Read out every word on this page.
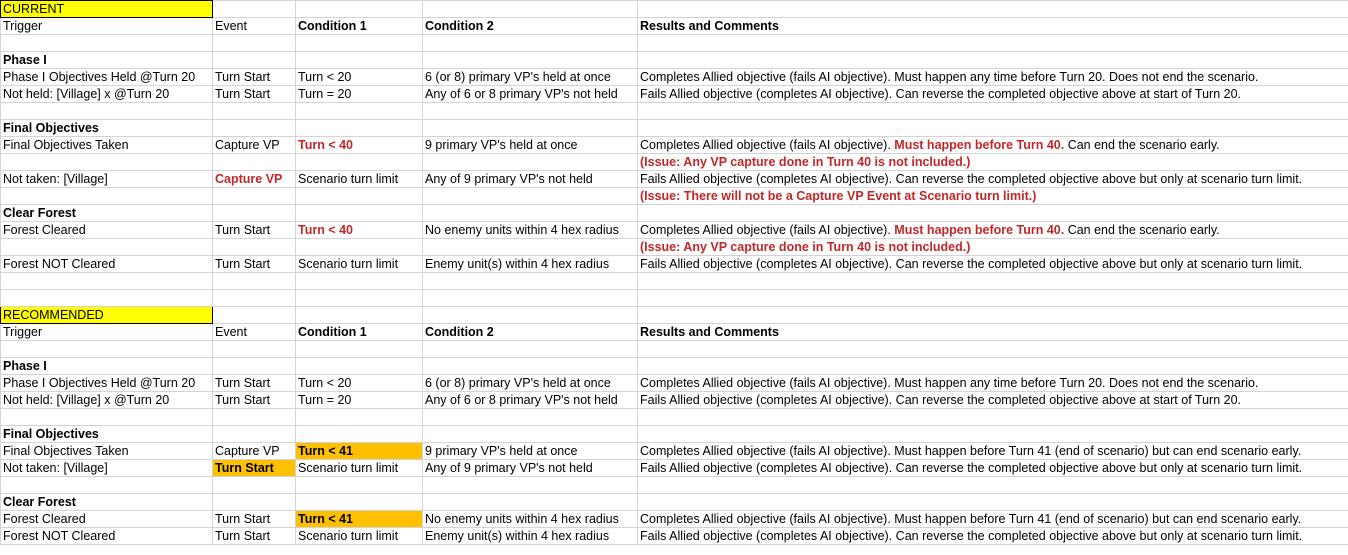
CURRENT				
Trigger	Event	Condition 1	Condition 2	Results and Comments

Phase I				
Phase I Objectives Held @Turn 20	Turn Start	Turn < 20	6 (or 8) primary VP's held at once	Completes Allied objective (fails AI objective). Must happen any time before Turn 20. Does not end the scenario.
Not held: [Village] x @Turn 20	Turn Start	Turn = 20	Any of 6 or 8 primary VP's not held	Fails Allied objective (completes AI objective). Can reverse the completed objective above at start of Turn 20.

Final Objectives				
Final Objectives Taken	Capture VP	Turn < 40	9 primary VP's held at once	Completes Allied objective (fails AI objective). Must happen before Turn 40. Can end the scenario early.
				(Issue: Any VP capture done in Turn 40 is not included.)
Not taken: [Village]	Capture VP	Scenario turn limit	Any of 9 primary VP's not held	Fails Allied objective (completes AI objective). Can reverse the completed objective above but only at scenario turn limit.
				(Issue: There will not be a Capture VP Event at Scenario turn limit.)
Clear Forest				
Forest Cleared	Turn Start	Turn < 40	No enemy units within 4 hex radius	Completes Allied objective (fails AI objective). Must happen before Turn 40. Can end the scenario early.
				(Issue: Any VP capture done in Turn 40 is not included.)
Forest NOT Cleared	Turn Start	Scenario turn limit	Enemy unit(s) within 4 hex radius	Fails Allied objective (completes AI objective). Can reverse the completed objective above but only at scenario turn limit.

RECOMMENDED				
Trigger	Event	Condition 1	Condition 2	Results and Comments

Phase I				
Phase I Objectives Held @Turn 20	Turn Start	Turn < 20	6 (or 8) primary VP's held at once	Completes Allied objective (fails AI objective). Must happen any time before Turn 20. Does not end the scenario.
Not held: [Village] x @Turn 20	Turn Start	Turn = 20	Any of 6 or 8 primary VP's not held	Fails Allied objective (completes AI objective). Can reverse the completed objective above at start of Turn 20.

Final Objectives				
Final Objectives Taken	Capture VP	Turn < 41	9 primary VP's held at once	Completes Allied objective (fails AI objective). Must happen before Turn 41 (end of scenario) but can end scenario early.
Not taken: [Village]	Turn Start	Scenario turn limit	Any of 9 primary VP's not held	Fails Allied objective (completes AI objective). Can reverse the completed objective above but only at scenario turn limit.

Clear Forest				
Forest Cleared	Turn Start	Turn < 41	No enemy units within 4 hex radius	Completes Allied objective (fails AI objective). Must happen before Turn 41 (end of scenario) but can end scenario early.
Forest NOT Cleared	Turn Start	Scenario turn limit	Enemy unit(s) within 4 hex radius	Fails Allied objective (completes AI objective). Can reverse the completed objective above but only at scenario turn limit.
